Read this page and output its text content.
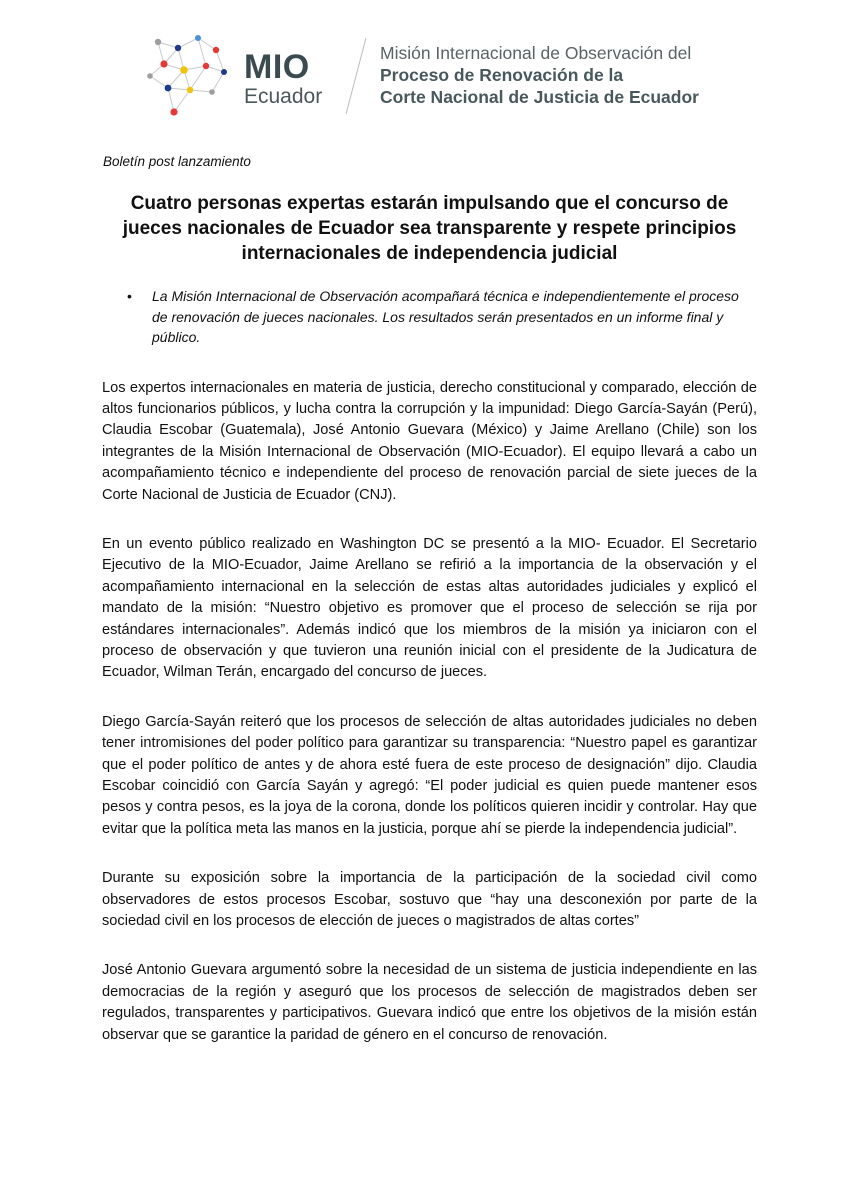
MIO
Ecuador
Misión Internacional de Observación del
Proceso de Renovación de la
Corte Nacional de Justicia de Ecuador

Boletín post lanzamiento

Cuatro personas expertas estarán impulsando que el concurso de jueces nacionales de Ecuador sea transparente y respete principios internacionales de independencia judicial
• La Misión Internacional de Observación acompañará técnica e independientemente el proceso de renovación de jueces nacionales. Los resultados serán presentados en un informe final y público.

Los expertos internacionales en materia de justicia, derecho constitucional y comparado, elección de altos funcionarios públicos, y lucha contra la corrupción y la impunidad: Diego García-Sayán (Perú), Claudia Escobar (Guatemala), José Antonio Guevara (México) y Jaime Arellano (Chile) son los integrantes de la Misión Internacional de Observación (MIO-Ecuador). El equipo llevará a cabo un acompañamiento técnico e independiente del proceso de renovación parcial de siete jueces de la Corte Nacional de Justicia de Ecuador (CNJ).

En un evento público realizado en Washington DC se presentó a la MIO- Ecuador. El Secretario Ejecutivo de la MIO-Ecuador, Jaime Arellano se refirió a la importancia de la observación y el acompañamiento internacional en la selección de estas altas autoridades judiciales y explicó el mandato de la misión: “Nuestro objetivo es promover que el proceso de selección se rija por estándares internacionales”. Además indicó que los miembros de la misión ya iniciaron con el proceso de observación y que tuvieron una reunión inicial con el presidente de la Judicatura de Ecuador, Wilman Terán, encargado del concurso de jueces.

Diego García-Sayán reiteró que los procesos de selección de altas autoridades judiciales no deben tener intromisiones del poder político para garantizar su transparencia: “Nuestro papel es garantizar que el poder político de antes y de ahora esté fuera de este proceso de designación” dijo. Claudia Escobar coincidió con García Sayán y agregó: “El poder judicial es quien puede mantener esos pesos y contra pesos, es la joya de la corona, donde los políticos quieren incidir y controlar. Hay que evitar que la política meta las manos en la justicia, porque ahí se pierde la independencia judicial”.

Durante su exposición sobre la importancia de la participación de la sociedad civil como observadores de estos procesos Escobar, sostuvo que “hay una desconexión por parte de la sociedad civil en los procesos de elección de jueces o magistrados de altas cortes”

José Antonio Guevara argumentó sobre la necesidad de un sistema de justicia independiente en las democracias de la región y aseguró que los procesos de selección de magistrados deben ser regulados, transparentes y participativos. Guevara indicó que entre los objetivos de la misión están observar que se garantice la paridad de género en el concurso de renovación.
